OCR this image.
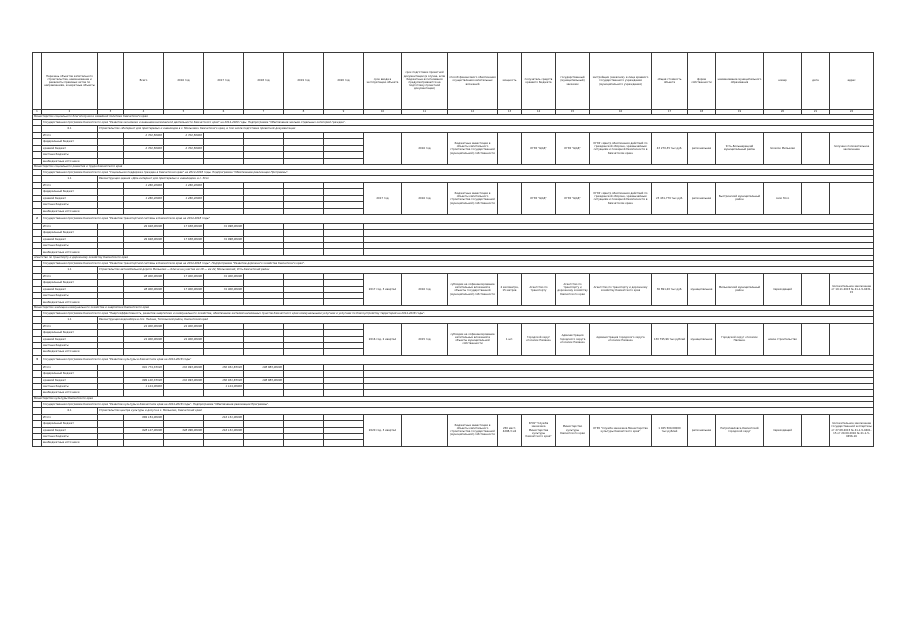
	Перечень объектов капитального строительства, наименование и реквизиты правовых актов по направлениям, конкретные объекты		Всего	2016 год	2017 год	2018 год	2019 год	2020 год	срок ввода в эксплуатацию объекта	срок подготовки проектной документации (в случае, если бюджетные ассигнования предусматриваются на подготовку проектной документации)	способ финансового обеспечения осуществления капитальных вложений	мощность	получатель средств краевого бюджета	государственный (муниципальный) заказчик	застройщик (заказчик), в лице краевого государственного учреждения (муниципального учреждения)	общая стоимость объекта	форма собственности	наименование муниципального образования	номер	дата	адрес
1	2	3	4	5	6	7	8	9	10	11	12	13	14	15	16	17	18	19	20	21	22
Министерство социального благополучия и семейной политики Камчатского края																					
	Государственная программа Камчатского края "Развитие экономики и внешнеэкономической деятельности Камчатского края" на 2014-2020 годы. Подпрограмма "Обеспечение жильем отдельных категорий граждан".																				
	6.1	Строительство «Интернат для престарелых и инвалидов в с. Мильково» Камчатского края, в том числе подготовка проектной документации																			
	Итого		2 702,50000	2 702,50000						2016 год	бюджетные инвестиции в объекты капитального строительства государственной (муниципальной) собственности		КГКУ "ЦОД"	КГКУ "ЦОД"	КГКУ «Центр обеспечения действий по гражданской обороне, чрезвычайным ситуациям и пожарной безопасности в Камчатском крае»	43 270,35 тыс.руб.	региональная	Усть-Большерецкий муниципальный район	поселок Мильково		получено положительное заключение
	федеральный бюджет																				
	краевой бюджет		2 702,50000	2 702,50000																	
	местные бюджеты																				
	внебюджетные источники																				
Министерство социального развития и труда Камчатского края																					
	Государственная программа Камчатского края "Социальная поддержка граждан в Камчатском крае" на 2014-2018 годы. Подпрограмма "Обеспечение реализации Программы".																				
	1.1	Реконструкция здания «Дом-интернат для престарелых и инвалидов» в с. Эссо																			
	Итого		1 260,20000	1 260,20000					2017 год	2016 год	бюджетные инвестиции в объекты капитального строительства государственной (муниципальной) собственности		КГКУ "ЦОД"	КГКУ "ЦОД"	КГКУ «Центр обеспечения действий по гражданской обороне, чрезвычайным ситуациям и пожарной безопасности в Камчатском крае»	23 431,779 тыс.руб.	региональная	Быстринский муниципальный район	село Эссо		
	федеральный бюджет																				
	краевой бюджет		1 260,20000	1 260,20000																	
	местные бюджеты																				
	внебюджетные источники																				
2	Государственная программа Камчатского края "Развитие транспортной системы в Камчатском крае на 2014-2018 годы"																				
	Итого		49 648,00000	17 638,00000	31 998,00000																
	федеральный бюджет																				
	краевой бюджет		49 648,00000	17 638,00000	31 998,00000																
	местные бюджеты																				
	внебюджетные источники																				
Агентство по транспорту и дорожному хозяйству Камчатского края																					
	Государственная программа Камчатского края "Развитие транспортной системы в Камчатском крае на 2014-2018 годы". Подпрограмма "Развитие дорожного хозяйства Камчатского края".																				
	1.1	Строительство автомобильной дороги Мильково — Ключи на участке км 18 — км 22, Мильковский, Усть-Камчатский район																			
	Итого		48 000,00000	17 000,00000	31 000,00000				2017 год, 3 квартал	2016 год	субсидии на софинансирование капитальных вложений в объекты государственной (муниципальной) собственности	4 километра, 15 метров	Агентство по транспорту	Агентство по транспорту и дорожному хозяйству Камчатского края	Агентство по транспорту и дорожному хозяйству Камчатского края	36 891,20 тыс.руб.	муниципальная	Мильковский муниципальный район	переходящий		положительное заключение от 19.11.2015 № 41-1-5-0431-15
	федеральный бюджет																				
	краевой бюджет		48 000,00000	17 000,00000	31 000,00000																
	местные бюджеты																				
	внебюджетные источники																				
Министерство жилищно-коммунального хозяйства и энергетики Камчатского края																					
	Государственная программа Камчатского края "Энергоэффективность, развитие энергетики и коммунального хозяйства, обеспечение жителей населенных пунктов Камчатского края коммунальными услугами и услугами по благоустройству территорий на 2014-2018 годы".																				
	1.1	Реконструкция водозабора в пос. Палана, Тигильский район, Камчатский край																			
	Итого		24 000,00000	24 000,00000					2016 год, 2 квартал	2015 год	субсидии на софинансирование капитальных вложений в объекты муниципальной собственности	1 шт.	Городской округ «поселок Палана»	Администрация городского округа «поселок Палана»	Администрация городского округа «поселок Палана»	130 795,96 тыс.рублей	муниципальная	Городской округ «поселок Палана»	новое строительство		
	федеральный бюджет																				
	краевой бюджет		24 000,00000	24 000,00000																	
	местные бюджеты																				
	внебюджетные источники																				
3	Государственная программа Камчатского края "Развитие культуры в Камчатском крае на 2014-2018 годы"																				
	Итого		901 774,33320	132 993,00000	150 931,83320	108 883,00000															
	федеральный бюджет																				
	краевой бюджет		699 120,33320	132 993,00000	150 931,83320	108 883,00000															
	местные бюджеты		1 124,00000		1 124,00000																
	внебюджетные источники																				
Министерство культуры Камчатского края																					
	Государственная программа Камчатского края "Развитие культуры в Камчатском крае на 2014-2018 годы". Подпрограмма "Обеспечение реализации Программы".																				
	6.1	Строительство центра культуры и досуга в с. Мильково, Камчатский край																			
	Итого		669 154,00000		216 131,00000				2020 год, 3 квартал		бюджетные инвестиции в объекты капитального строительства государственной (муниципальной) собственности	250 мест, 4298,3 м2	КГКУ "Служба заказчика Министерства культуры Камчатского края"	Министерство культуры Камчатского края	КГКУ "Служба заказчика Министерства культуры Камчатского края"	1 025 500,00000 тыс.рублей	региональная	Петропавловск-Камчатский городской округ	переходящий		положительное заключение государственной экспертизы от 27.08.2015 № 41-1-5-0401-15 от 20.09.2016 № 41-1-5-0456-16
	федеральный бюджет																				
	краевой бюджет		628 127,00000	348 099,00000	216 131,00000																
	местные бюджеты																				
	внебюджетные источники																				
